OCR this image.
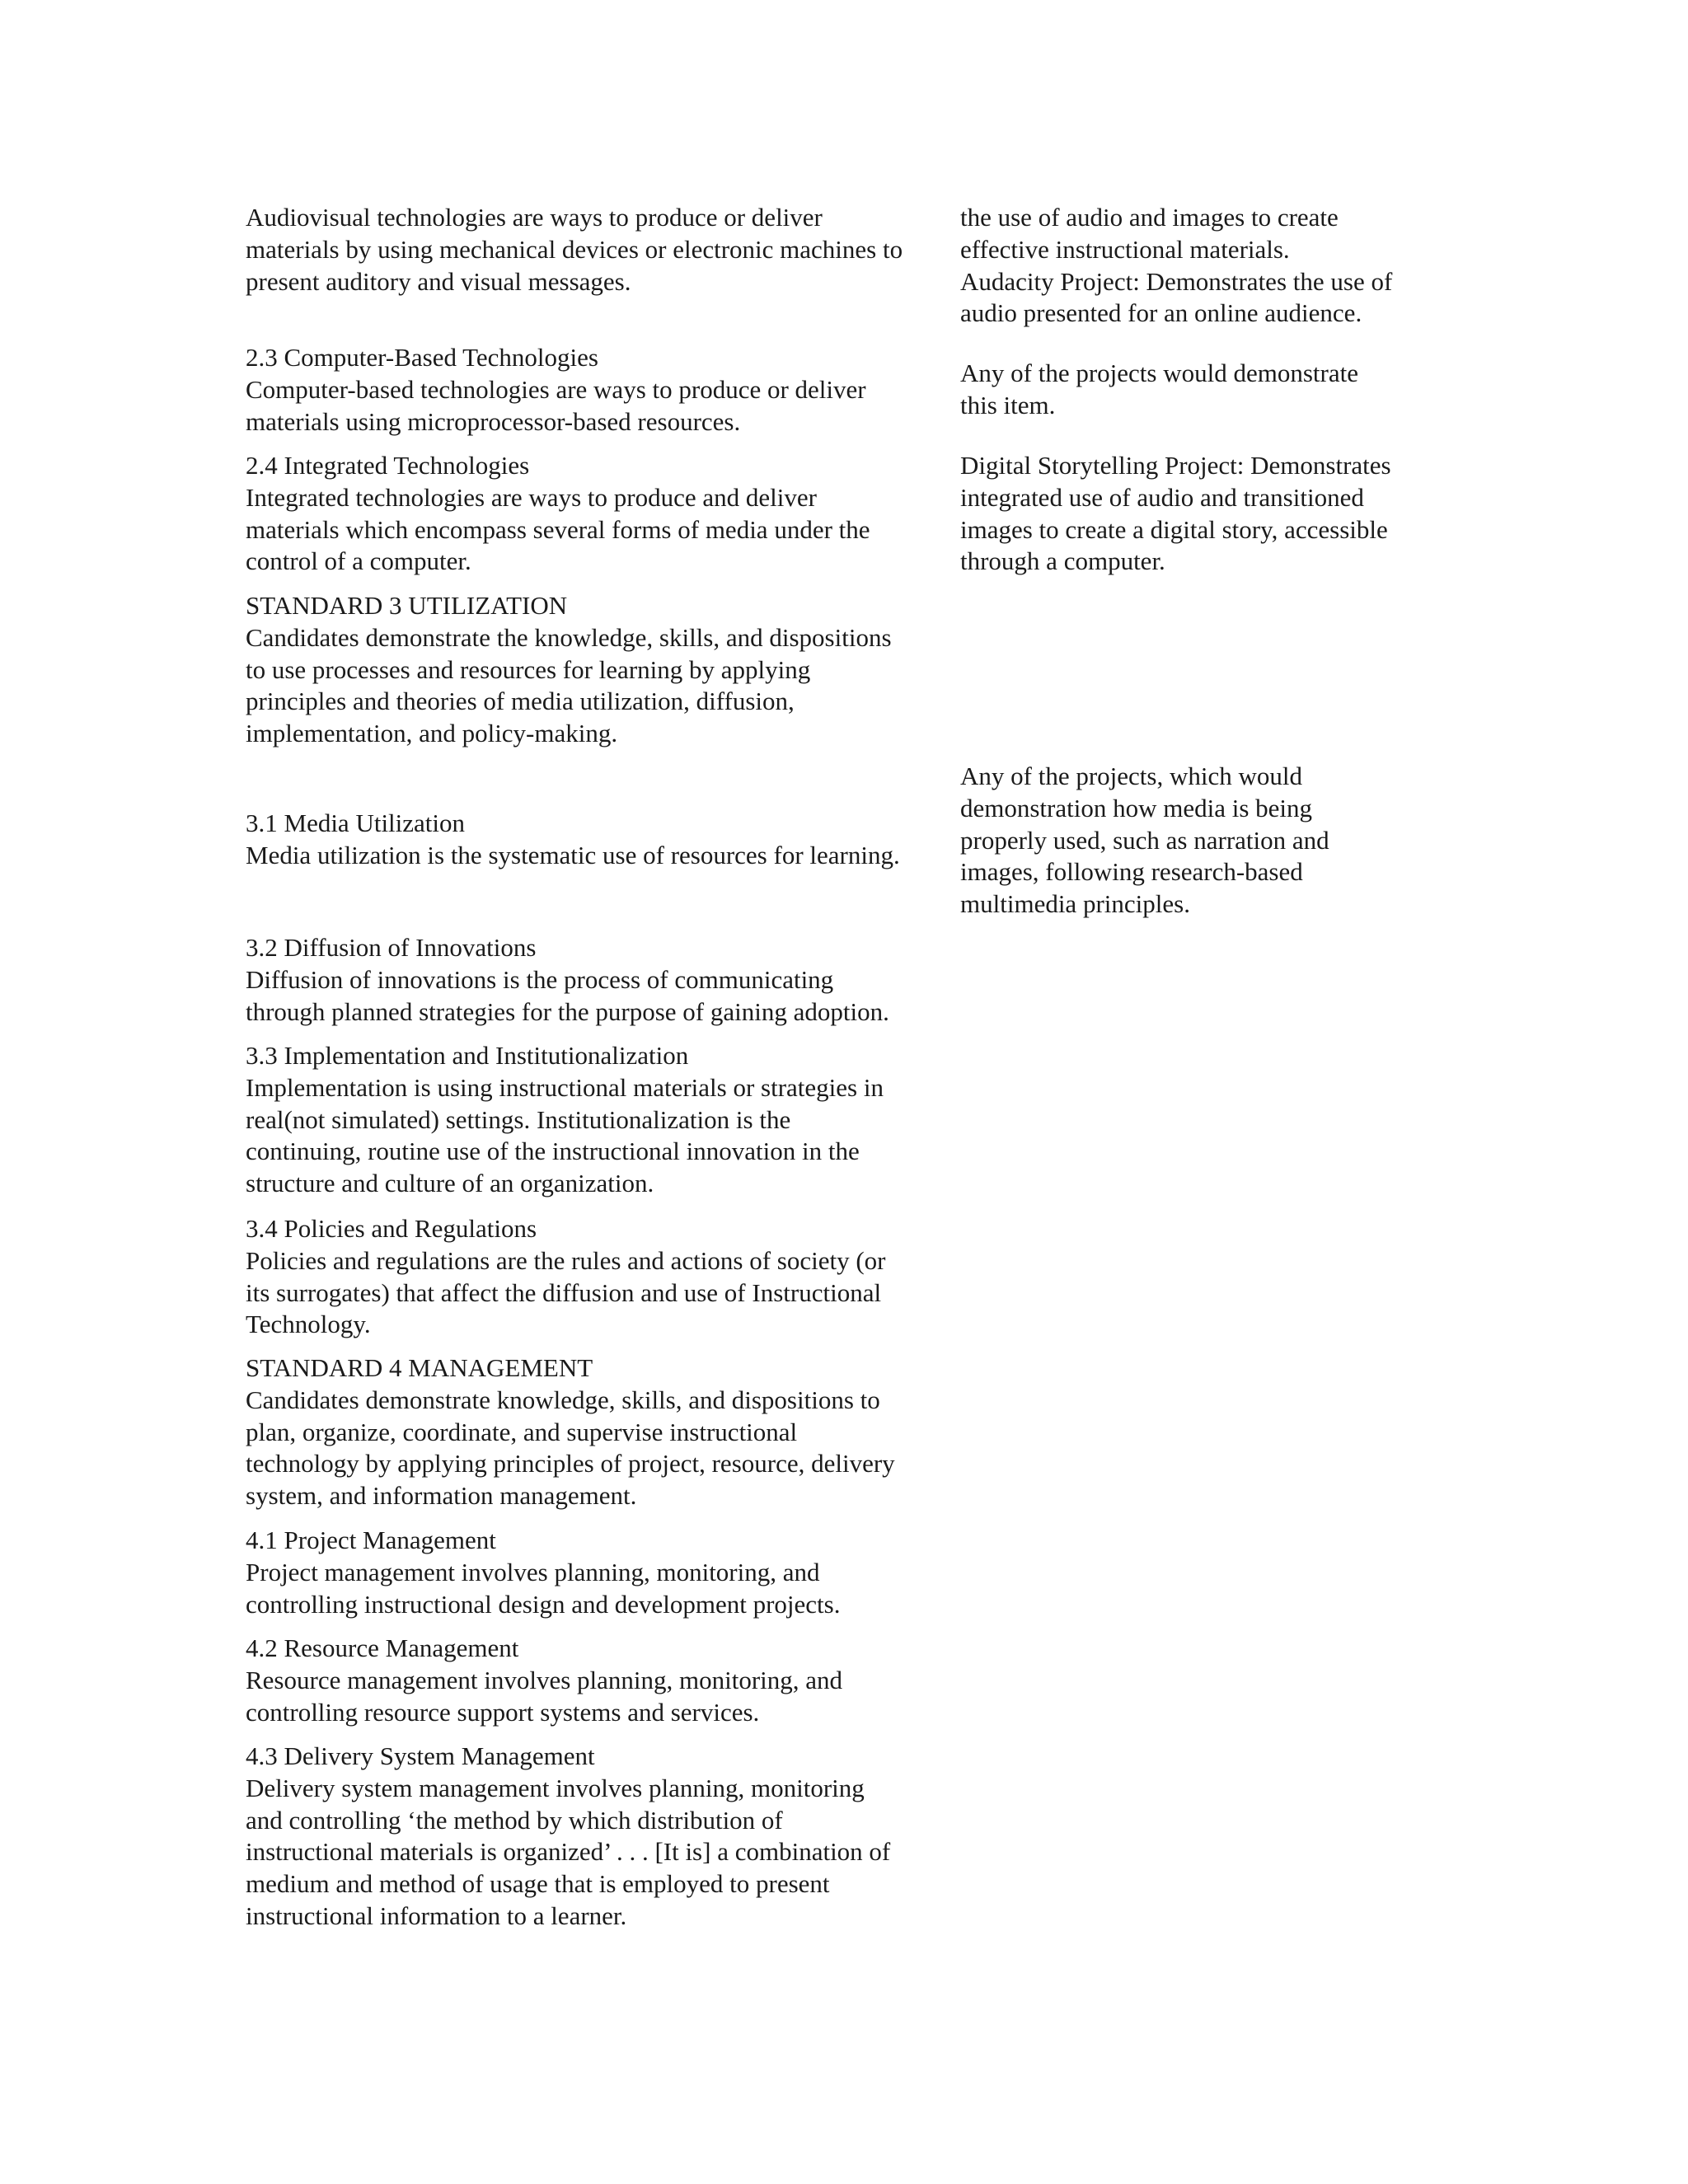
Audiovisual technologies are ways to produce or deliver
materials by using mechanical devices or electronic machines to
present auditory and visual messages.
2.3 Computer-Based Technologies
Computer-based technologies are ways to produce or deliver
materials using microprocessor-based resources.
2.4 Integrated Technologies
Integrated technologies are ways to produce and deliver
materials which encompass several forms of media under the
control of a computer.
STANDARD 3 UTILIZATION
Candidates demonstrate the knowledge, skills, and dispositions
to use processes and resources for learning by applying
principles and theories of media utilization, diffusion,
implementation, and policy-making.
3.1 Media Utilization
Media utilization is the systematic use of resources for learning.
3.2 Diffusion of Innovations
Diffusion of innovations is the process of communicating
through planned strategies for the purpose of gaining adoption.
3.3 Implementation and Institutionalization
Implementation is using instructional materials or strategies in
real(not simulated) settings. Institutionalization is the
continuing, routine use of the instructional innovation in the
structure and culture of an organization.
3.4 Policies and Regulations
Policies and regulations are the rules and actions of society (or
its surrogates) that affect the diffusion and use of Instructional
Technology.
STANDARD 4 MANAGEMENT
Candidates demonstrate knowledge, skills, and dispositions to
plan, organize, coordinate, and supervise instructional
technology by applying principles of project, resource, delivery
system, and information management.
4.1 Project Management
Project management involves planning, monitoring, and
controlling instructional design and development projects.
4.2 Resource Management
Resource management involves planning, monitoring, and
controlling resource support systems and services.
4.3 Delivery System Management
Delivery system management involves planning, monitoring
and controlling ‘the method by which distribution of
instructional materials is organized’ . . . [It is] a combination of
medium and method of usage that is employed to present
instructional information to a learner.
the use of audio and images to create
effective instructional materials.
Audacity Project: Demonstrates the use of
audio presented for an online audience.
Any of the projects would demonstrate
this item.
Digital Storytelling Project: Demonstrates
integrated use of audio and transitioned
images to create a digital story, accessible
through a computer.
Any of the projects, which would
demonstration how media is being
properly used, such as narration and
images, following research-based
multimedia principles.
